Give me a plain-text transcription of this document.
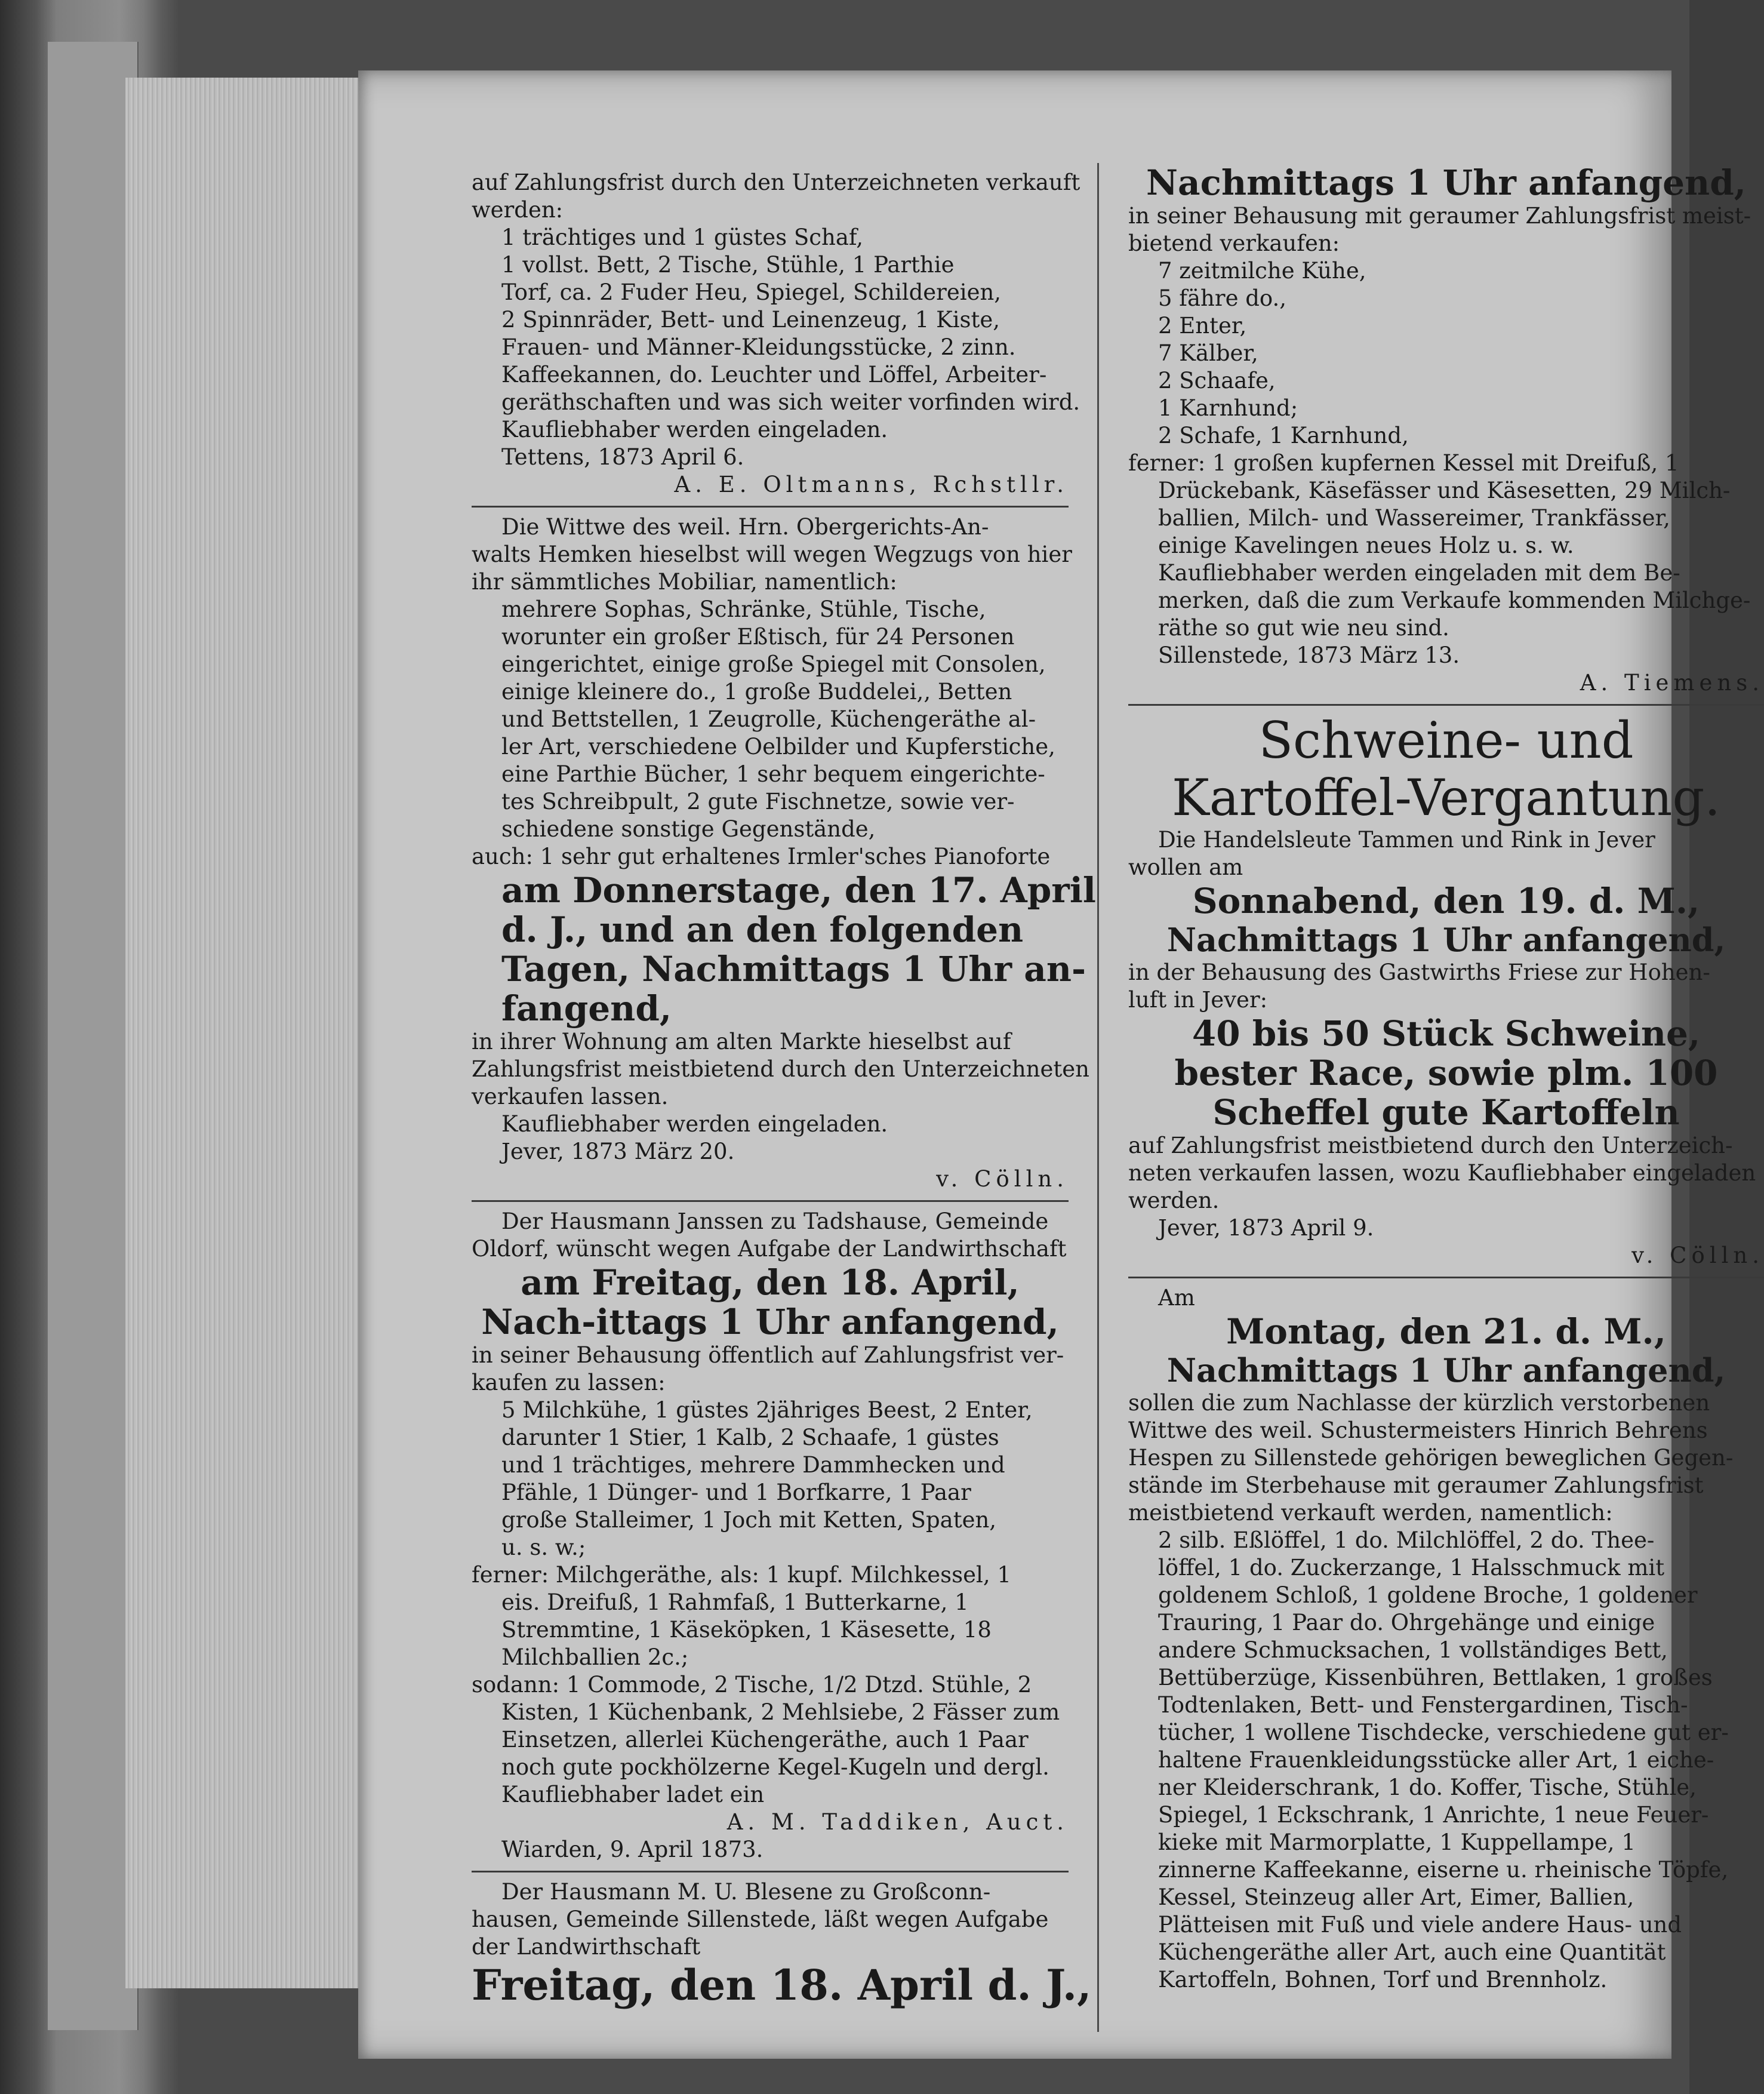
auf Zahlungsfrist durch den Unterzeichneten verkauft
werden:
1 trächtiges und 1 güstes Schaf,
1 vollst. Bett, 2 Tische, Stühle, 1 Parthie
Torf, ca. 2 Fuder Heu, Spiegel, Schildereien,
2 Spinnräder, Bett- und Leinenzeug, 1 Kiste,
Frauen- und Männer-Kleidungsstücke, 2 zinn.
Kaffeekannen, do. Leuchter und Löffel, Arbeiter-
geräthschaften und was sich weiter vorfinden wird.
Kaufliebhaber werden eingeladen.
Tettens, 1873 April 6.
A. E. Oltmanns, Rchstllr.
Die Wittwe des weil. Hrn. Obergerichts-An-
walts Hemken hieselbst will wegen Wegzugs von hier
ihr sämmtliches Mobiliar, namentlich:
mehrere Sophas, Schränke, Stühle, Tische,
worunter ein großer Eßtisch, für 24 Personen
eingerichtet, einige große Spiegel mit Consolen,
einige kleinere do., 1 große Buddelei,, Betten
und Bettstellen, 1 Zeugrolle, Küchengeräthe al-
ler Art, verschiedene Oelbilder und Kupferstiche,
eine Parthie Bücher, 1 sehr bequem eingerichte-
tes Schreibpult, 2 gute Fischnetze, sowie ver-
schiedene sonstige Gegenstände,
auch: 1 sehr gut erhaltenes Irmler'sches Pianoforte
am Donnerstage, den 17. April
d. J., und an den folgenden
Tagen, Nachmittags 1 Uhr an-
fangend,
in ihrer Wohnung am alten Markte hieselbst auf
Zahlungsfrist meistbietend durch den Unterzeichneten
verkaufen lassen.
Kaufliebhaber werden eingeladen.
Jever, 1873 März 20.
v. Cölln.
Der Hausmann Janssen zu Tadshause, Gemeinde
Oldorf, wünscht wegen Aufgabe der Landwirthschaft
am Freitag, den 18. April,
Nach-ittags 1 Uhr anfangend,
in seiner Behausung öffentlich auf Zahlungsfrist ver-
kaufen zu lassen:
5 Milchkühe, 1 güstes 2jähriges Beest, 2 Enter,
darunter 1 Stier, 1 Kalb, 2 Schaafe, 1 güstes
und 1 trächtiges, mehrere Dammhecken und
Pfähle, 1 Dünger- und 1 Borfkarre, 1 Paar
große Stalleimer, 1 Joch mit Ketten, Spaten,
u. s. w.;
ferner: Milchgeräthe, als: 1 kupf. Milchkessel, 1
eis. Dreifuß, 1 Rahmfaß, 1 Butterkarne, 1
Stremmtine, 1 Käseköpken, 1 Käsesette, 18
Milchballien 2c.;
sodann: 1 Commode, 2 Tische, 1/2 Dtzd. Stühle, 2
Kisten, 1 Küchenbank, 2 Mehlsiebe, 2 Fässer zum
Einsetzen, allerlei Küchengeräthe, auch 1 Paar
noch gute pockhölzerne Kegel-Kugeln und dergl.
Kaufliebhaber ladet ein
A. M. Taddiken, Auct.
Wiarden, 9. April 1873.
Der Hausmann M. U. Blesene zu Großconn-
hausen, Gemeinde Sillenstede, läßt wegen Aufgabe
der Landwirthschaft
Freitag, den 18. April d. J.,
Nachmittags 1 Uhr anfangend,
in seiner Behausung mit geraumer Zahlungsfrist meist-
bietend verkaufen:
7 zeitmilche Kühe,
5 fähre do.,
2 Enter,
7 Kälber,
2 Schaafe,
1 Karnhund;
2 Schafe, 1 Karnhund,
ferner: 1 großen kupfernen Kessel mit Dreifuß, 1
Drückebank, Käsefässer und Käsesetten, 29 Milch-
ballien, Milch- und Wassereimer, Trankfässer,
einige Kavelingen neues Holz u. s. w.
Kaufliebhaber werden eingeladen mit dem Be-
merken, daß die zum Verkaufe kommenden Milchge-
räthe so gut wie neu sind.
Sillenstede, 1873 März 13.
A. Tiemens.
Schweine- und
Kartoffel-Vergantung.
Die Handelsleute Tammen und Rink in Jever
wollen am
Sonnabend, den 19. d. M.,
Nachmittags 1 Uhr anfangend,
in der Behausung des Gastwirths Friese zur Hohen-
luft in Jever:
40 bis 50 Stück Schweine,
bester Race, sowie plm. 100
Scheffel gute Kartoffeln
auf Zahlungsfrist meistbietend durch den Unterzeich-
neten verkaufen lassen, wozu Kaufliebhaber eingeladen
werden.
Jever, 1873 April 9.
v. Cölln.
Am
Montag, den 21. d. M.,
Nachmittags 1 Uhr anfangend,
sollen die zum Nachlasse der kürzlich verstorbenen
Wittwe des weil. Schustermeisters Hinrich Behrens
Hespen zu Sillenstede gehörigen beweglichen Gegen-
stände im Sterbehause mit geraumer Zahlungsfrist
meistbietend verkauft werden, namentlich:
2 silb. Eßlöffel, 1 do. Milchlöffel, 2 do. Thee-
löffel, 1 do. Zuckerzange, 1 Halsschmuck mit
goldenem Schloß, 1 goldene Broche, 1 goldener
Trauring, 1 Paar do. Ohrgehänge und einige
andere Schmucksachen, 1 vollständiges Bett,
Bettüberzüge, Kissenbühren, Bettlaken, 1 großes
Todtenlaken, Bett- und Fenstergardinen, Tisch-
tücher, 1 wollene Tischdecke, verschiedene gut er-
haltene Frauenkleidungsstücke aller Art, 1 eiche-
ner Kleiderschrank, 1 do. Koffer, Tische, Stühle,
Spiegel, 1 Eckschrank, 1 Anrichte, 1 neue Feuer-
kieke mit Marmorplatte, 1 Kuppellampe, 1
zinnerne Kaffeekanne, eiserne u. rheinische Töpfe,
Kessel, Steinzeug aller Art, Eimer, Ballien,
Plätteisen mit Fuß und viele andere Haus- und
Küchengeräthe aller Art, auch eine Quantität
Kartoffeln, Bohnen, Torf und Brennholz.
